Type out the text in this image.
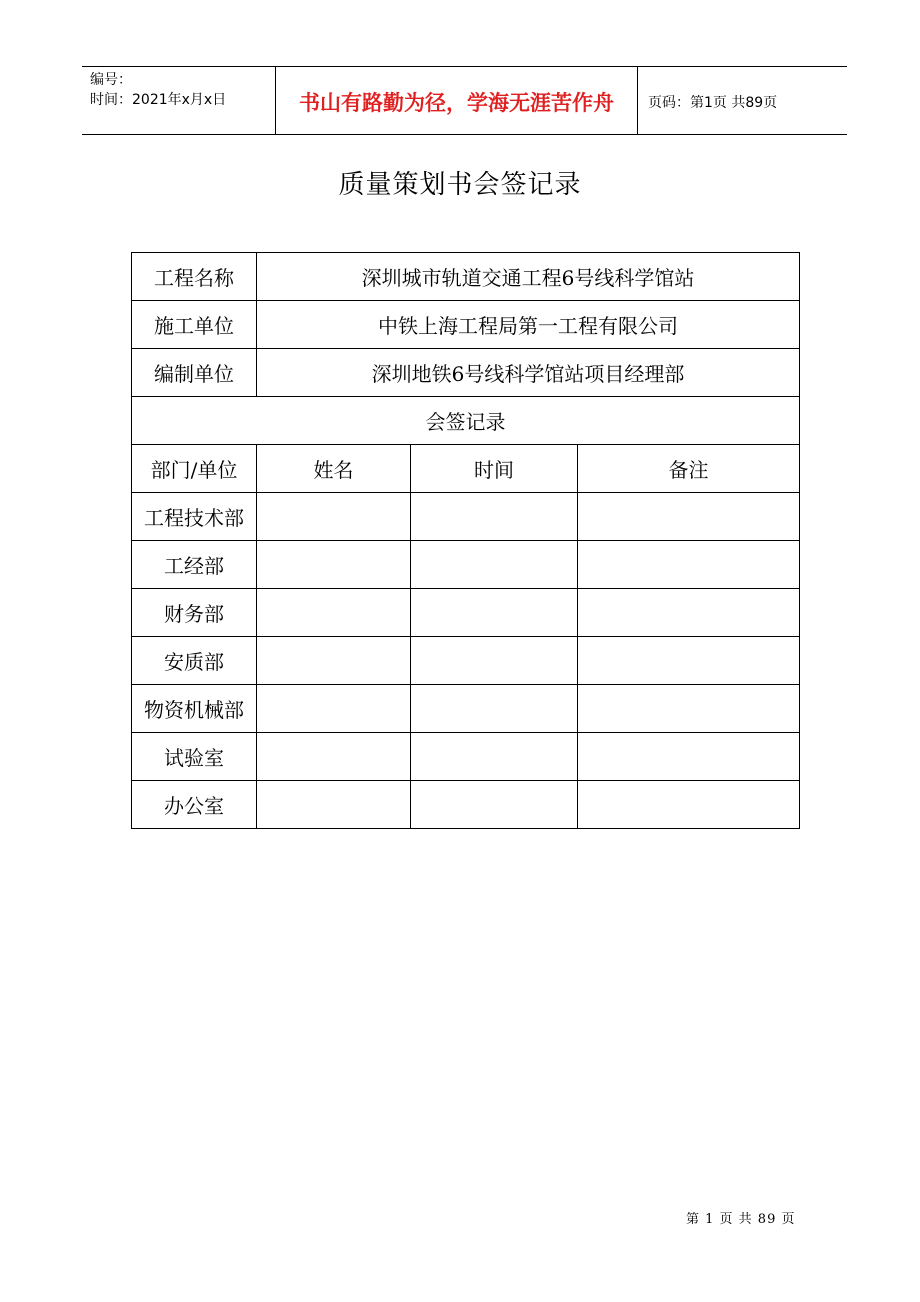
编号：
时间：2021年x月x日	书山有路勤为径，学海无涯苦作舟	页码：第1页 共89页
质量策划书会签记录
工程名称	深圳城市轨道交通工程6号线科学馆站		
施工单位	中铁上海工程局第一工程有限公司		
编制单位	深圳地铁6号线科学馆站项目经理部		
会签记录			
部门/单位	姓名	时间	备注
工程技术部			
工经部			
财务部			
安质部			
物资机械部			
试验室			
办公室			
第 1 页 共 89 页
